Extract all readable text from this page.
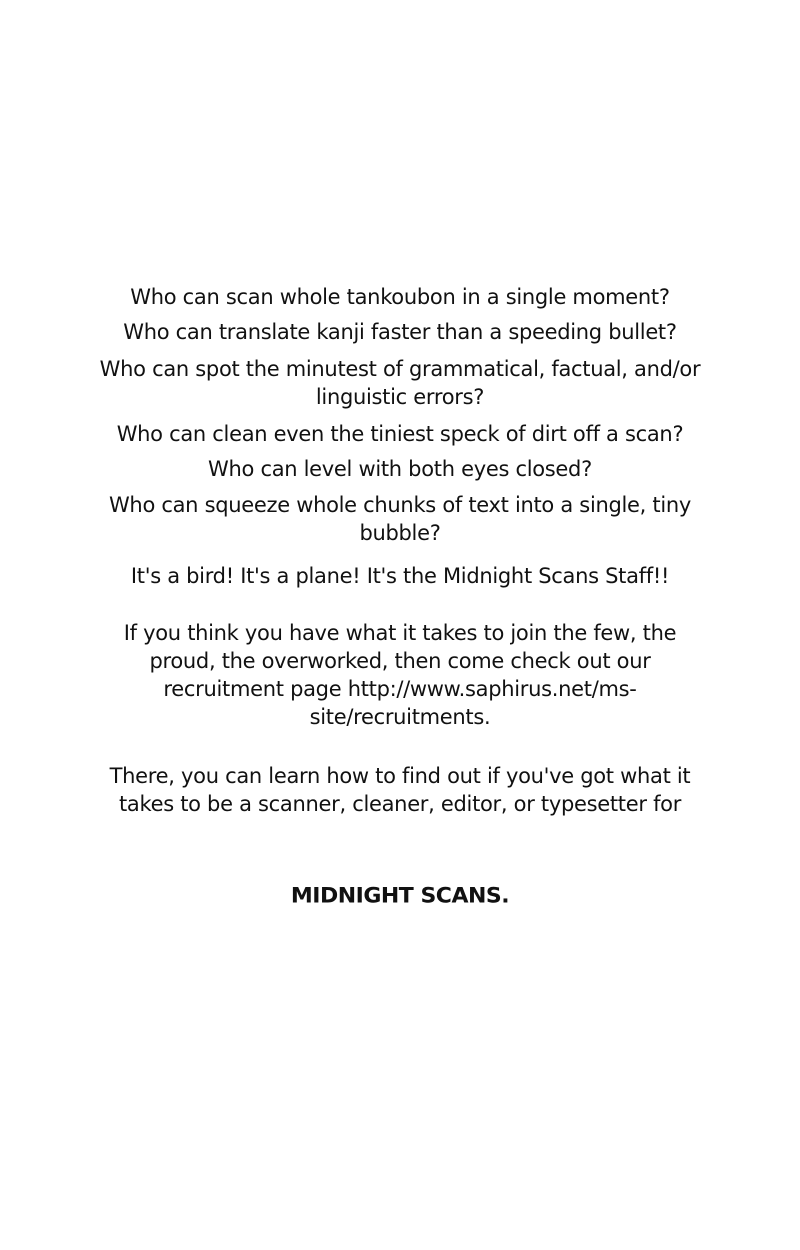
Who can scan whole tankoubon in a single moment?
Who can translate kanji faster than a speeding bullet?
Who can spot the minutest of grammatical, factual, and/or linguistic errors?
Who can clean even the tiniest speck of dirt off a scan?
Who can level with both eyes closed?
Who can squeeze whole chunks of text into a single, tiny bubble?
It's a bird! It's a plane! It's the Midnight Scans Staff!!
If you think you have what it takes to join the few, the proud, the overworked, then come check out our recruitment page http://www.saphirus.net/ms-site/recruitments.
There, you can learn how to find out if you've got what it takes to be a scanner, cleaner, editor, or typesetter for
MIDNIGHT SCANS.
